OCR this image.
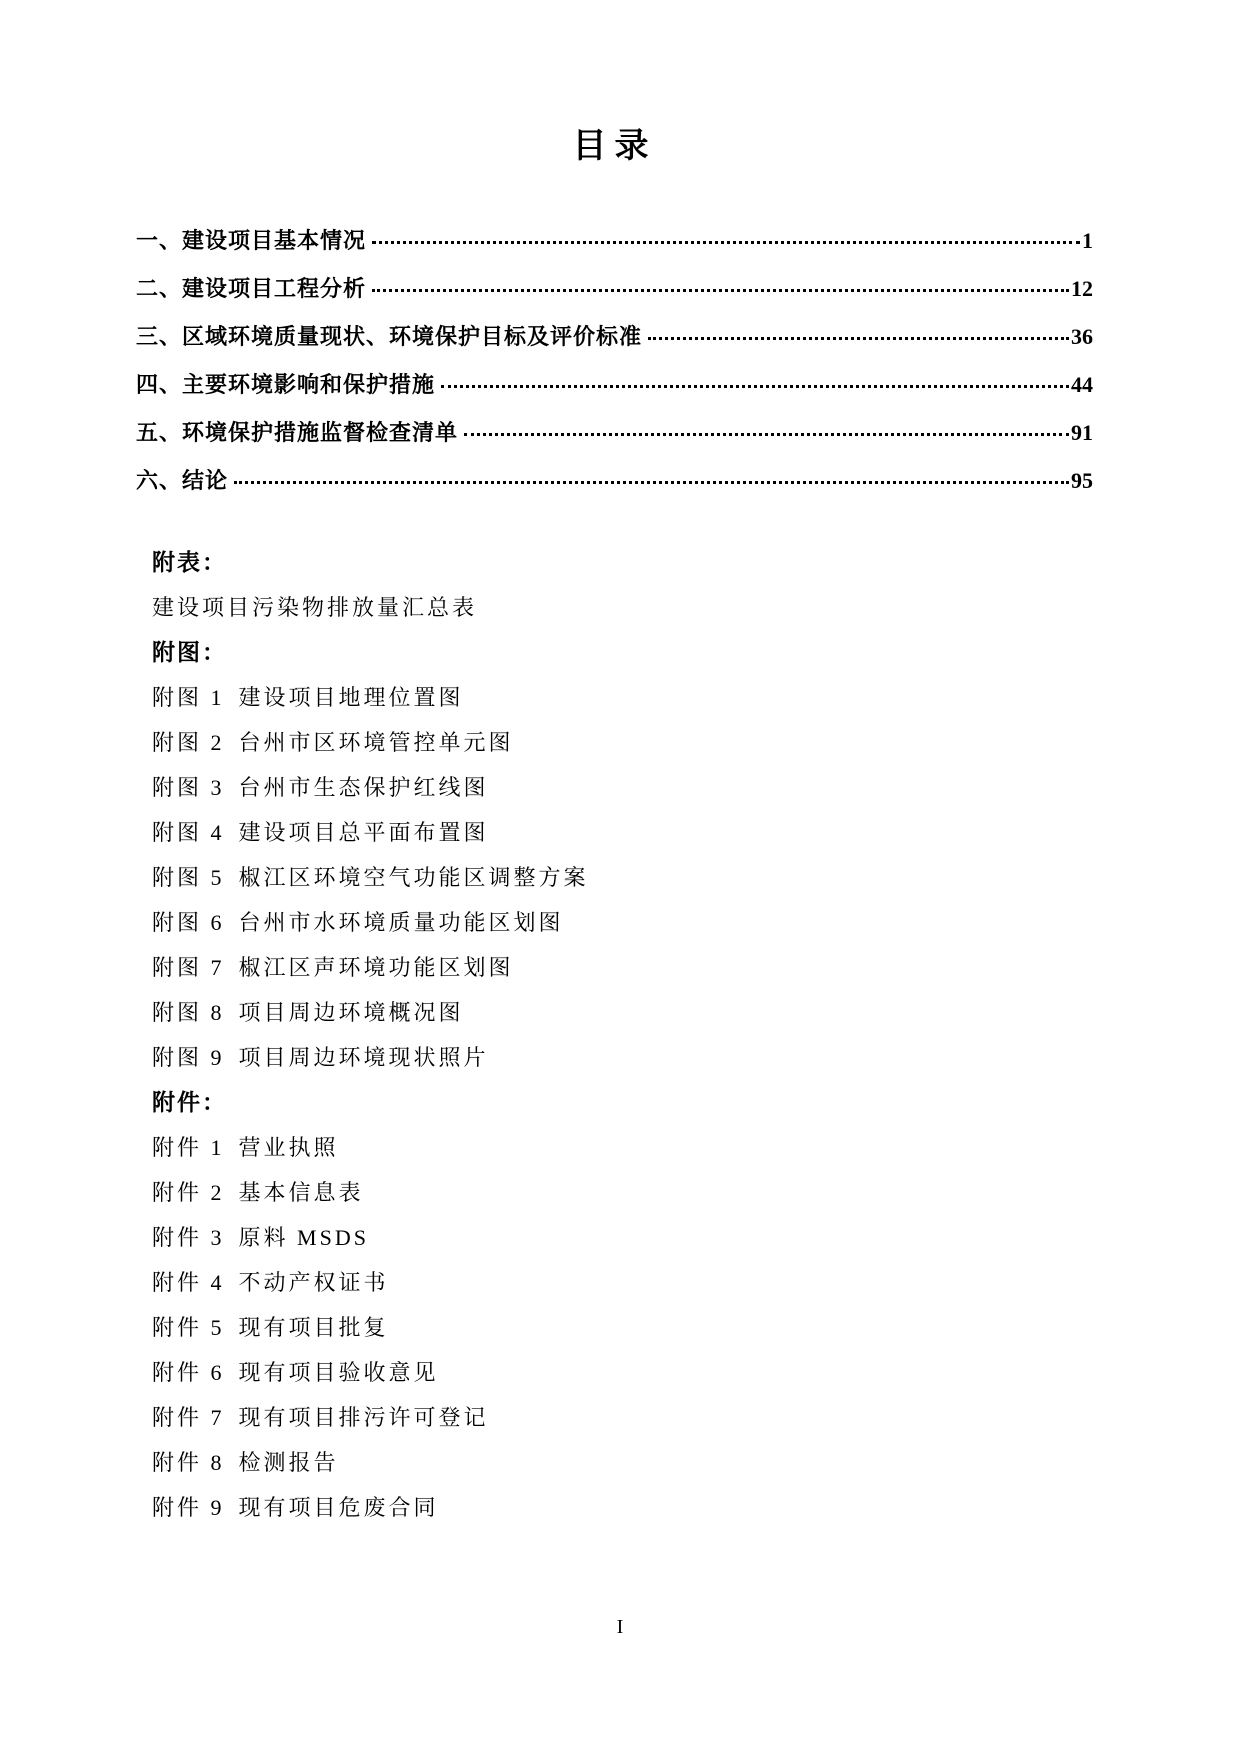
目录
一、建设项目基本情况	1
二、建设项目工程分析	12
三、区域环境质量现状、环境保护目标及评价标准	36
四、主要环境影响和保护措施	44
五、环境保护措施监督检查清单	91
六、结论	95
附表：
建设项目污染物排放量汇总表
附图：
附图 1 建设项目地理位置图
附图 2 台州市区环境管控单元图
附图 3 台州市生态保护红线图
附图 4 建设项目总平面布置图
附图 5 椒江区环境空气功能区调整方案
附图 6 台州市水环境质量功能区划图
附图 7 椒江区声环境功能区划图
附图 8 项目周边环境概况图
附图 9 项目周边环境现状照片
附件：
附件 1 营业执照
附件 2 基本信息表
附件 3 原料 MSDS
附件 4 不动产权证书
附件 5 现有项目批复
附件 6 现有项目验收意见
附件 7 现有项目排污许可登记
附件 8 检测报告
附件 9 现有项目危废合同
I
